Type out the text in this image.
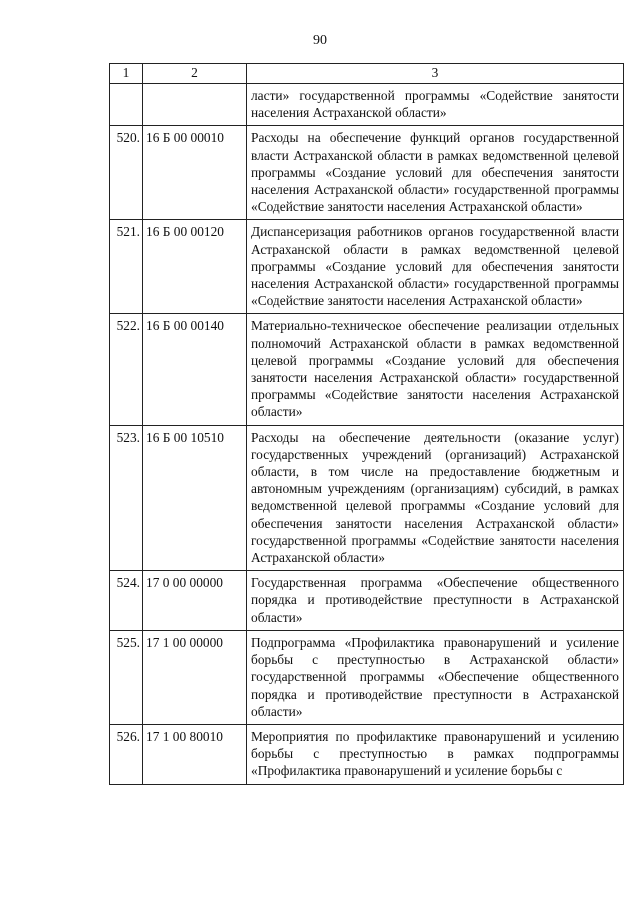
90
1	2	3
		ласти» государственной программы «Содействие занятости населения Астраханской области»
520.	16 Б 00 00010	Расходы на обеспечение функций органов государственной власти Астраханской области в рамках ведомственной целевой программы «Создание условий для обеспечения занятости населения Астраханской области» государственной программы «Содействие занятости населения Астраханской области»
521.	16 Б 00 00120	Диспансеризация работников органов государственной власти Астраханской области в рамках ведомственной целевой программы «Создание условий для обеспечения занятости населения Астраханской области» государственной программы «Содействие занятости населения Астраханской области»
522.	16 Б 00 00140	Материально-техническое обеспечение реализации отдельных полномочий Астраханской области в рамках ведомственной целевой программы «Создание условий для обеспечения занятости населения Астраханской области» государственной программы «Содействие занятости населения Астраханской области»
523.	16 Б 00 10510	Расходы на обеспечение деятельности (оказание услуг) государственных учреждений (организаций) Астраханской области, в том числе на предоставление бюджетным и автономным учреждениям (организациям) субсидий, в рамках ведомственной целевой программы «Создание условий для обеспечения занятости населения Астраханской области» государственной программы «Содействие занятости населения Астраханской области»
524.	17 0 00 00000	Государственная программа «Обеспечение общественного порядка и противодействие преступности в Астраханской области»
525.	17 1 00 00000	Подпрограмма «Профилактика правонарушений и усиление борьбы с преступностью в Астраханской области» государственной программы «Обеспечение общественного порядка и противодействие преступности в Астраханской области»
526.	17 1 00 80010	Мероприятия по профилактике правонарушений и усилению борьбы с преступностью в рамках подпрограммы «Профилактика правонарушений и усиление борьбы с
